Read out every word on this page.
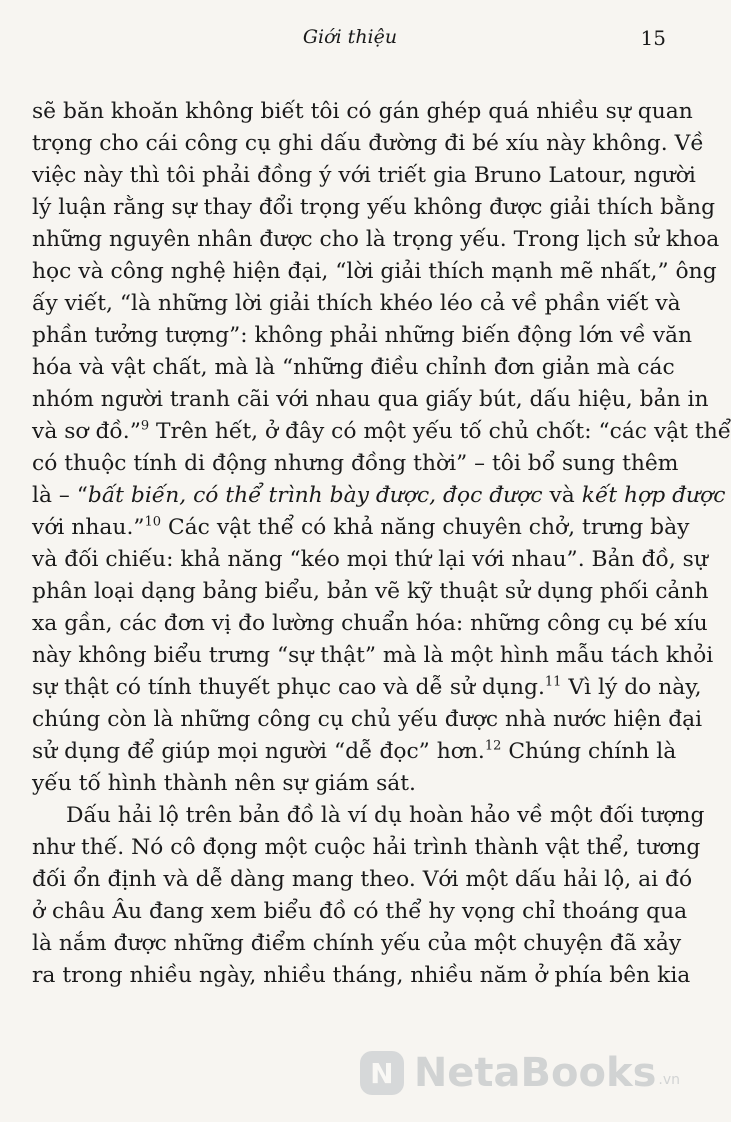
Giới thiệu	15
sẽ băn khoăn không biết tôi có gán ghép quá nhiều sự quan
trọng cho cái công cụ ghi dấu đường đi bé xíu này không. Về
việc này thì tôi phải đồng ý với triết gia Bruno Latour, người
lý luận rằng sự thay đổi trọng yếu không được giải thích bằng
những nguyên nhân được cho là trọng yếu. Trong lịch sử khoa
học và công nghệ hiện đại, “lời giải thích mạnh mẽ nhất,” ông
ấy viết, “là những lời giải thích khéo léo cả về phần viết và
phần tưởng tượng”: không phải những biến động lớn về văn
hóa và vật chất, mà là “những điều chỉnh đơn giản mà các
nhóm người tranh cãi với nhau qua giấy bút, dấu hiệu, bản in
và sơ đồ.”$^9$ Trên hết, ở đây có một yếu tố chủ chốt: “các vật thể
có thuộc tính di động nhưng đồng thời” – tôi bổ sung thêm
là – “bất biến, có thể trình bày được, đọc được và kết hợp được
với nhau.”$^{10}$ Các vật thể có khả năng chuyên chở, trưng bày
và đối chiếu: khả năng “kéo mọi thứ lại với nhau”. Bản đồ, sự
phân loại dạng bảng biểu, bản vẽ kỹ thuật sử dụng phối cảnh
xa gần, các đơn vị đo lường chuẩn hóa: những công cụ bé xíu
này không biểu trưng “sự thật” mà là một hình mẫu tách khỏi
sự thật có tính thuyết phục cao và dễ sử dụng.$^{11}$ Vì lý do này,
chúng còn là những công cụ chủ yếu được nhà nước hiện đại
sử dụng để giúp mọi người “dễ đọc” hơn.$^{12}$ Chúng chính là
yếu tố hình thành nên sự giám sát.
Dấu hải lộ trên bản đồ là ví dụ hoàn hảo về một đối tượng
như thế. Nó cô đọng một cuộc hải trình thành vật thể, tương
đối ổn định và dễ dàng mang theo. Với một dấu hải lộ, ai đó
ở châu Âu đang xem biểu đồ có thể hy vọng chỉ thoáng qua
là nắm được những điểm chính yếu của một chuyện đã xảy
ra trong nhiều ngày, nhiều tháng, nhiều năm ở phía bên kia
N NetaBooks .vn
